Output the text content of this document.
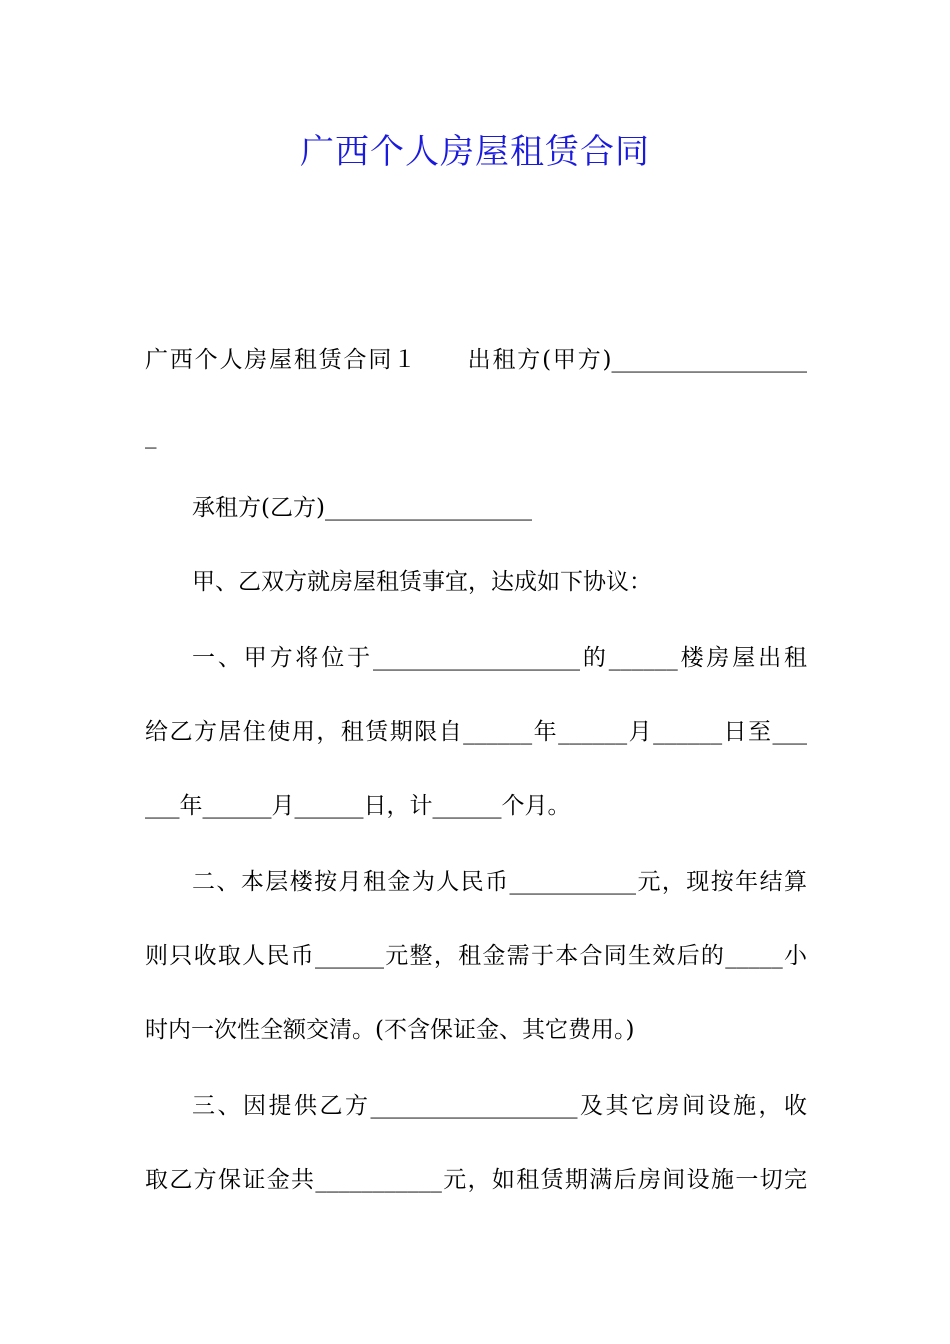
广西个人房屋租赁合同
广西个人房屋租赁合同１　　出租方(甲方)_________________
_
承租方(乙方)__________________
甲、乙双方就房屋租赁事宜，达成如下协议：
一、甲方将位于__________________的______楼房屋出租
给乙方居住使用，租赁期限自______年______月______日至___
___年______月______日，计______个月。
二、本层楼按月租金为人民币___________元，现按年结算
则只收取人民币______元整，租金需于本合同生效后的_____小
时内一次性全额交清。(不含保证金、其它费用。)
三、因提供乙方__________________及其它房间设施，收
取乙方保证金共___________元，如租赁期满后房间设施一切完
